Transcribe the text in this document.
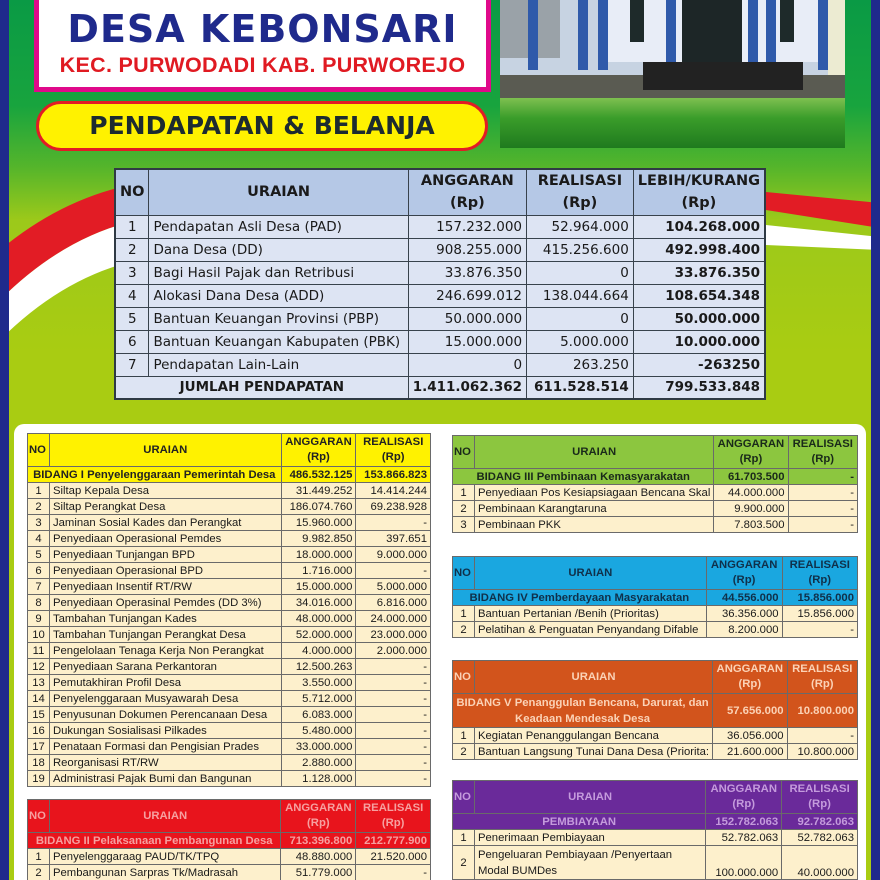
DESA KEBONSARI
KEC. PURWODADI KAB. PURWOREJO
PENDAPATAN & BELANJA
NO	URAIAN	ANGGARAN
(Rp)	REALISASI
(Rp)	LEBIH/KURANG
(Rp)
1	Pendapatan Asli Desa (PAD)	157.232.000	52.964.000	104.268.000
2	Dana Desa (DD)	908.255.000	415.256.600	492.998.400
3	Bagi Hasil Pajak dan Retribusi	33.876.350	0	33.876.350
4	Alokasi Dana Desa (ADD)	246.699.012	138.044.664	108.654.348
5	Bantuan Keuangan Provinsi (PBP)	50.000.000	0	50.000.000
6	Bantuan Keuangan Kabupaten (PBK)	15.000.000	5.000.000	10.000.000
7	Pendapatan Lain-Lain	0	263.250	-263250
JUMLAH PENDAPATAN		1.411.062.362	611.528.514	799.533.848
NO	URAIAN	ANGGARAN
(Rp)	REALISASI
(Rp)
BIDANG I Penyelenggaraan Pemerintah Desa		486.532.125	153.866.823
1	Siltap Kepala Desa	31.449.252	14.414.244
2	Siltap Perangkat Desa	186.074.760	69.238.928
3	Jaminan Sosial Kades dan Perangkat	15.960.000	-
4	Penyediaan Operasional Pemdes	9.982.850	397.651
5	Penyediaan Tunjangan BPD	18.000.000	9.000.000
6	Penyediaan Operasional BPD	1.716.000	-
7	Penyediaan Insentif RT/RW	15.000.000	5.000.000
8	Penyediaan Operasinal Pemdes (DD 3%)	34.016.000	6.816.000
9	Tambahan Tunjangan Kades	48.000.000	24.000.000
10	Tambahan Tunjangan Perangkat Desa	52.000.000	23.000.000
11	Pengelolaan Tenaga Kerja Non Perangkat	4.000.000	2.000.000
12	Penyediaan Sarana Perkantoran	12.500.263	-
13	Pemutakhiran Profil Desa	3.550.000	-
14	Penyelenggaraan Musyawarah Desa	5.712.000	-
15	Penyusunan Dokumen Perencanaan Desa	6.083.000	-
16	Dukungan Sosialisasi Pilkades	5.480.000	-
17	Penataan Formasi dan Pengisian Prades	33.000.000	-
18	Reorganisasi RT/RW	2.880.000	-
19	Administrasi Pajak Bumi dan Bangunan	1.128.000	-
NO	URAIAN	ANGGARAN
(Rp)	REALISASI
(Rp)
BIDANG II Pelaksanaan Pembangunan Desa		713.396.800	212.777.900
1	Penyelenggaraag PAUD/TK/TPQ	48.880.000	21.520.000
2	Pembangunan Sarpras Tk/Madrasah	51.779.000	-
NO	URAIAN	ANGGARAN
(Rp)	REALISASI
(Rp)
BIDANG III Pembinaan Kemasyarakatan		61.703.500	-
1	Penyediaan Pos Kesiapsiagaan Bencana Skal	44.000.000	-
2	Pembinaan Karangtaruna	9.900.000	-
3	Pembinaan PKK	7.803.500	-
NO	URAIAN	ANGGARAN
(Rp)	REALISASI
(Rp)
BIDANG IV Pemberdayaan Masyarakatan		44.556.000	15.856.000
1	Bantuan Pertanian /Benih (Prioritas)	36.356.000	15.856.000
2	Pelatihan & Penguatan Penyandang Difable	8.200.000	-
NO	URAIAN	ANGGARAN
(Rp)	REALISASI
(Rp)
BIDANG V Penanggulan Bencana, Darurat, dan
Keadaan Mendesak Desa		57.656.000	10.800.000
1	Kegiatan Penanggulangan Bencana	36.056.000	-
2	Bantuan Langsung Tunai Dana Desa (Priorita:	21.600.000	10.800.000
NO	URAIAN	ANGGARAN
(Rp)	REALISASI
(Rp)
PEMBIAYAAN		152.782.063	92.782.063
1	Penerimaan Pembiayaan	52.782.063	52.782.063
2	Pengeluaran Pembiayaan /Penyertaan
Modal BUMDes	100.000.000	40.000.000
